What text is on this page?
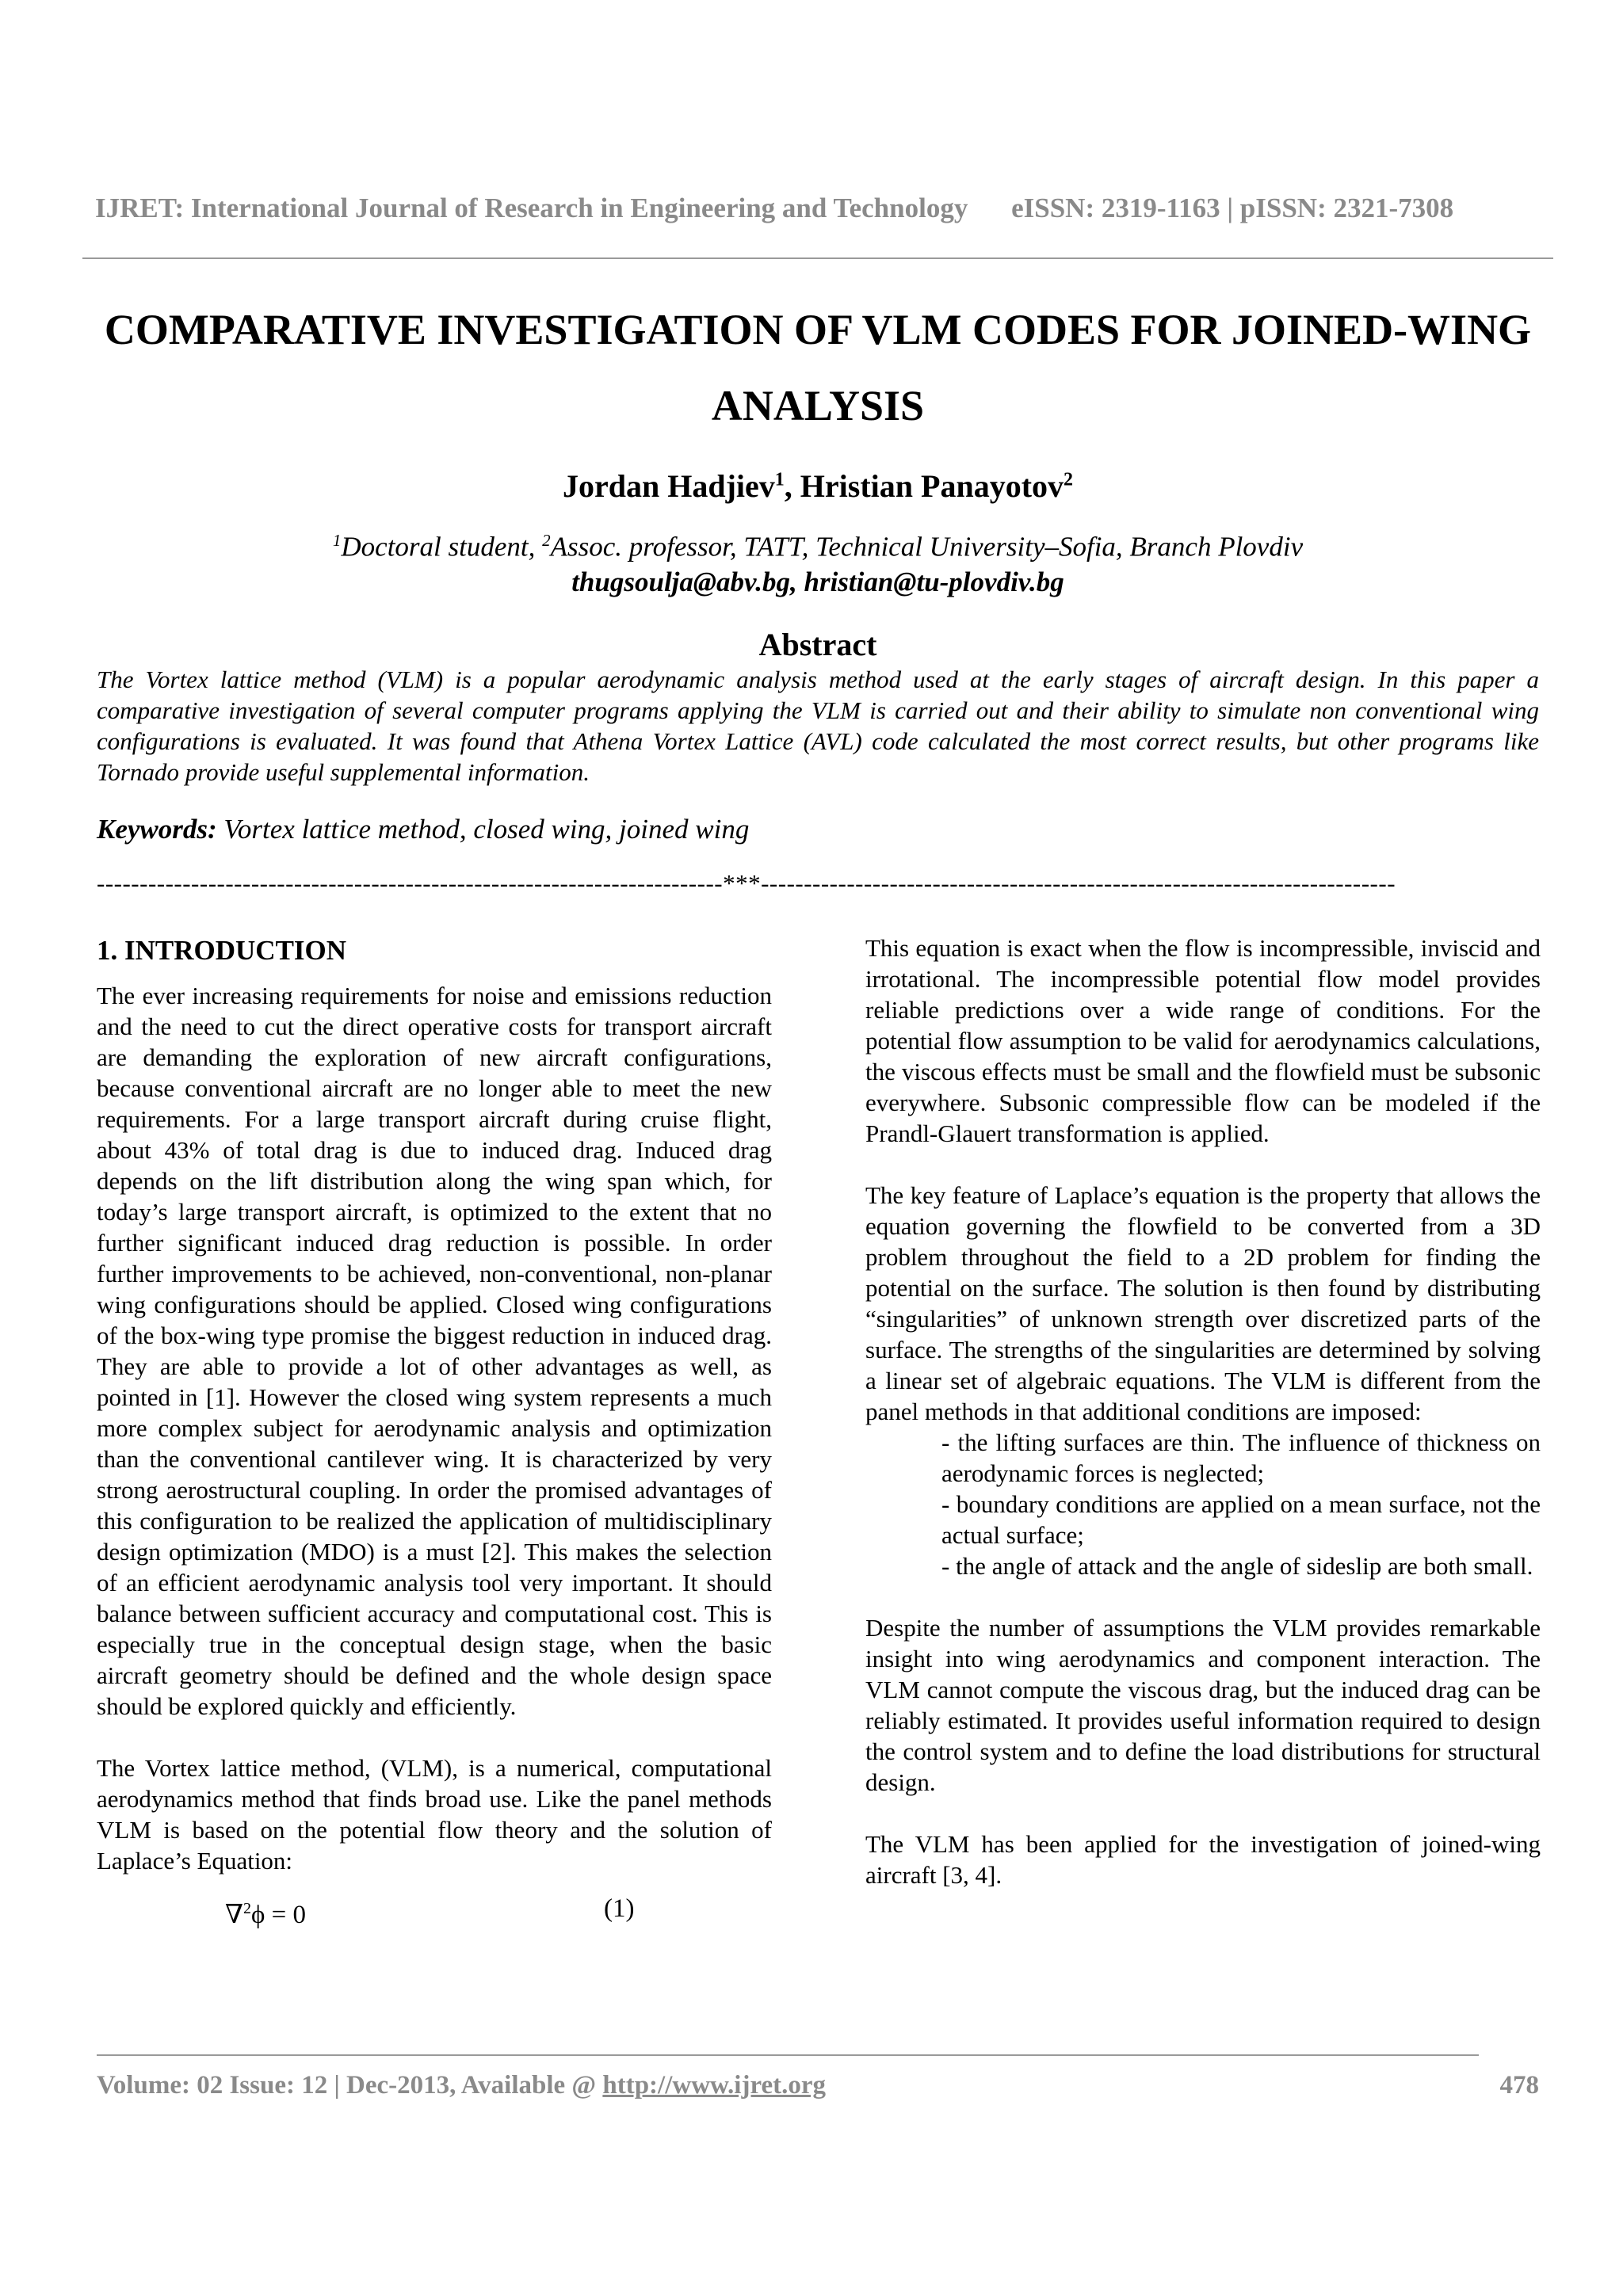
IJRET: International Journal of Research in Engineering and Technology eISSN: 2319-1163 | pISSN: 2321-7308
COMPARATIVE INVESTIGATION OF VLM CODES FOR JOINED-WING
ANALYSIS
Jordan Hadjiev$^1$, Hristian Panayotov$^2$
$^1$Doctoral student, $^2$Assoc. professor, TATT, Technical University–Sofia, Branch Plovdiv
thugsoulja@abv.bg, hristian@tu-plovdiv.bg
Abstract
The Vortex lattice method (VLM) is a popular aerodynamic analysis method used at the early stages of aircraft design. In this paper a comparative investigation of several computer programs applying the VLM is carried out and their ability to simulate non conventional wing configurations is evaluated. It was found that Athena Vortex Lattice (AVL) code calculated the most correct results, but other programs like Tornado provide useful supplemental information.
Keywords: Vortex lattice method, closed wing, joined wing
-------------------------------------------------------------------------***--------------------------------------------------------------------------
1. INTRODUCTION

The ever increasing requirements for noise and emissions reduction and the need to cut the direct operative costs for transport aircraft are demanding the exploration of new aircraft configurations, because conventional aircraft are no longer able to meet the new requirements. For a large transport aircraft during cruise flight, about 43% of total drag is due to induced drag. Induced drag depends on the lift distribution along the wing span which, for today’s large transport aircraft, is optimized to the extent that no further significant induced drag reduction is possible. In order further improvements to be achieved, non-conventional, non-planar wing configurations should be applied. Closed wing configurations of the box-wing type promise the biggest reduction in induced drag. They are able to provide a lot of other advantages as well, as pointed in [1]. However the closed wing system represents a much more complex subject for aerodynamic analysis and optimization than the conventional cantilever wing. It is characterized by very strong aerostructural coupling. In order the promised advantages of this configuration to be realized the application of multidisciplinary design optimization (MDO) is a must [2]. This makes the selection of an efficient aerodynamic analysis tool very important. It should balance between sufficient accuracy and computational cost. This is especially true in the conceptual design stage, when the basic aircraft geometry should be defined and the whole design space should be explored quickly and efficiently.

The Vortex lattice method, (VLM), is a numerical, computational aerodynamics method that finds broad use. Like the panel methods VLM is based on the potential flow theory and the solution of Laplace’s Equation:

∇$^2$ϕ = 0	(1)

This equation is exact when the flow is incompressible, inviscid and irrotational. The incompressible potential flow model provides reliable predictions over a wide range of conditions. For the potential flow assumption to be valid for aerodynamics calculations, the viscous effects must be small and the flowfield must be subsonic everywhere. Subsonic compressible flow can be modeled if the Prandl-Glauert transformation is applied.

The key feature of Laplace’s equation is the property that allows the equation governing the flowfield to be converted from a 3D problem throughout the field to a 2D problem for finding the potential on the surface. The solution is then found by distributing “singularities” of unknown strength over discretized parts of the surface. The strengths of the singularities are determined by solving a linear set of algebraic equations. The VLM is different from the panel methods in that additional conditions are imposed:

- the lifting surfaces are thin. The influence of thickness on aerodynamic forces is neglected;
- boundary conditions are applied on a mean surface, not the actual surface;
- the angle of attack and the angle of sideslip are both small.

Despite the number of assumptions the VLM provides remarkable insight into wing aerodynamics and component interaction. The VLM cannot compute the viscous drag, but the induced drag can be reliably estimated. It provides useful information required to design the control system and to define the load distributions for structural design.

The VLM has been applied for the investigation of joined-wing aircraft [3, 4].

Volume: 02 Issue: 12 | Dec-2013, Available @ http://www.ijret.org	478
